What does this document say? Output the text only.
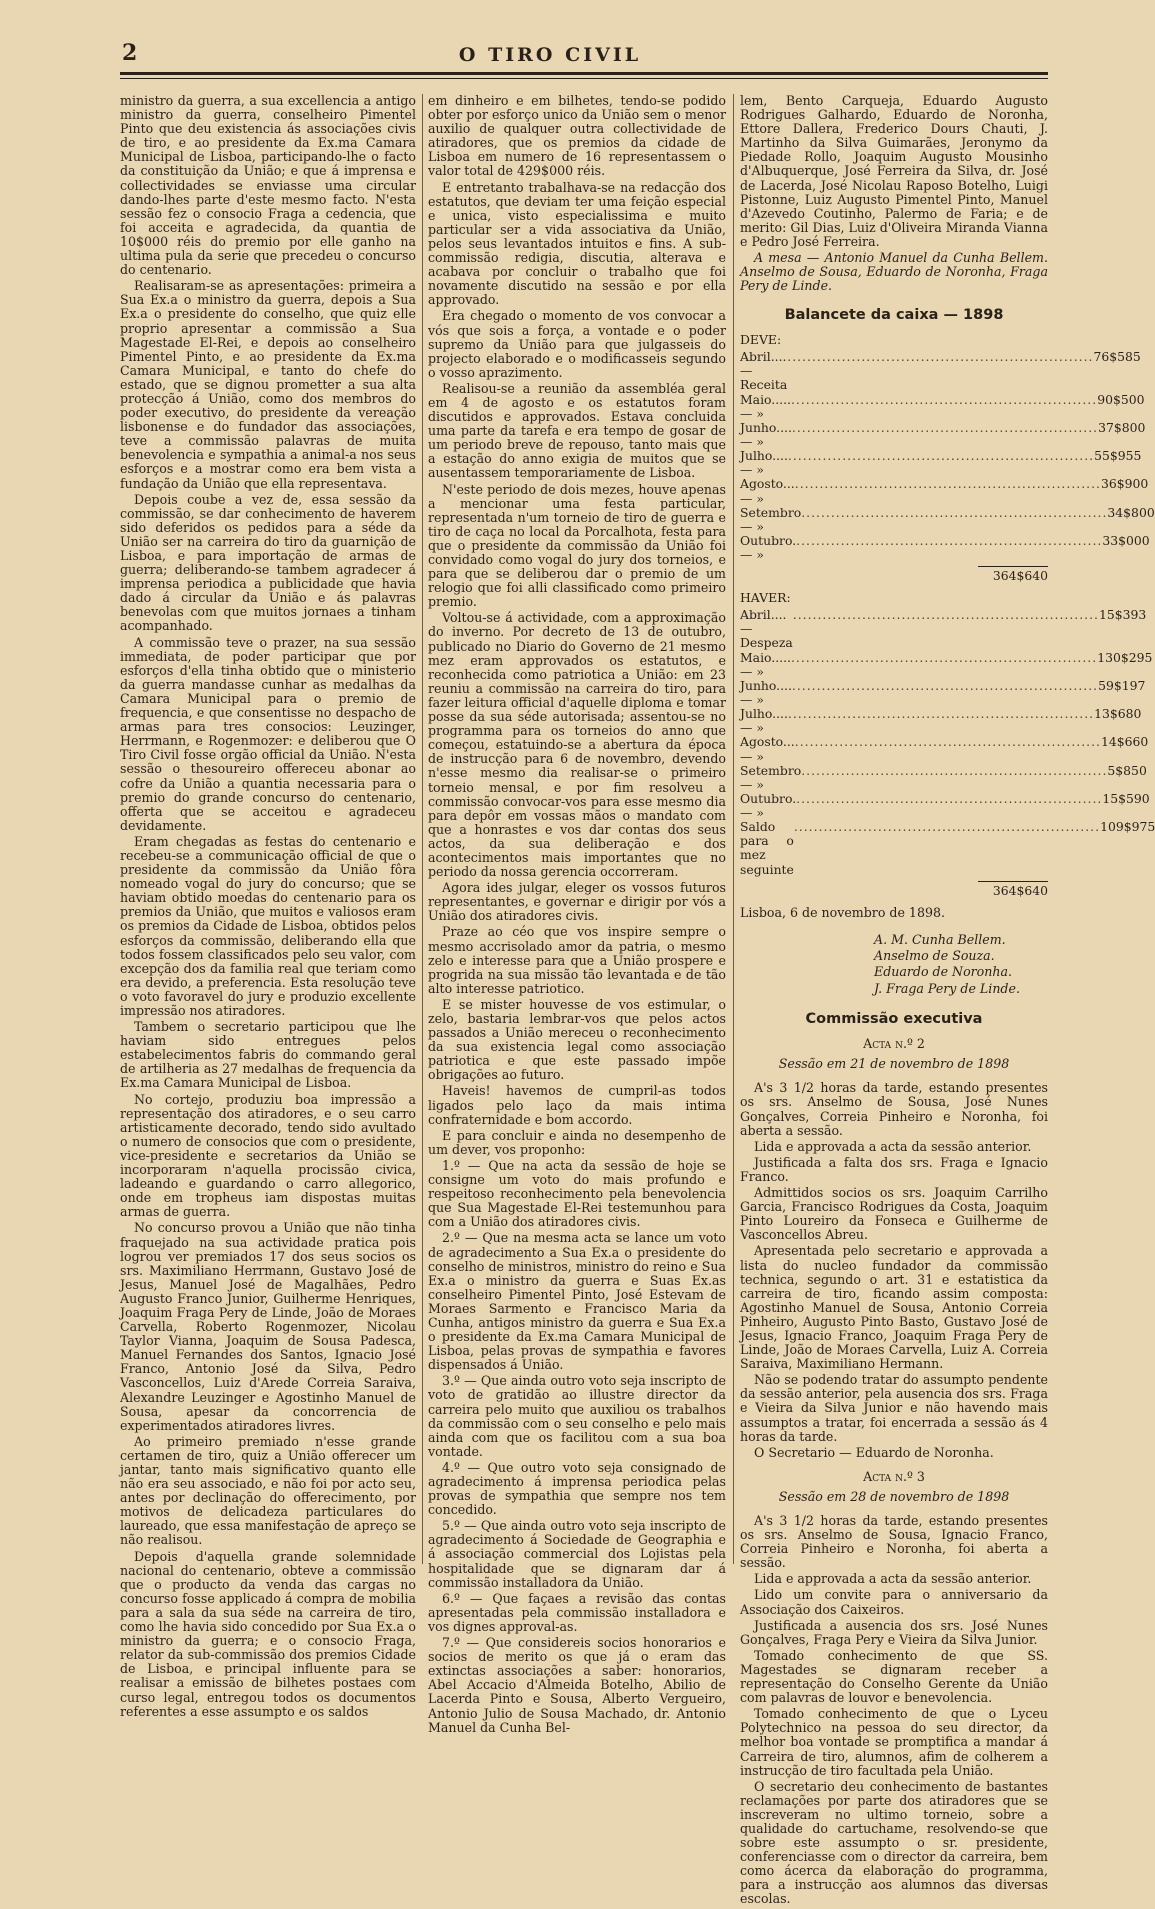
2	O TIRO CIVIL

ministro da guerra, a sua excellencia a antigo ministro da guerra, conselheiro Pimentel Pinto que deu existencia ás associações civis de tiro, e ao presidente da Ex.ma Camara Municipal de Lisboa, participando-lhe o facto da constituição da União; e que á imprensa e collectividades se enviasse uma circular dando-lhes parte d'este mesmo facto. N'esta sessão fez o consocio Fraga a cedencia, que foi acceita e agradecida, da quantia de 10$000 réis do premio por elle ganho na ultima pula da serie que precedeu o concurso do centenario.

Realisaram-se as apresentações: primeira a Sua Ex.a o ministro da guerra, depois a Sua Ex.a o presidente do conselho, que quiz elle proprio apresentar a commissão a Sua Magestade El-Rei, e depois ao conselheiro Pimentel Pinto, e ao presidente da Ex.ma Camara Municipal, e tanto do chefe do estado, que se dignou prometter a sua alta protecção á União, como dos membros do poder executivo, do presidente da vereação lisbonense e do fundador das associações, teve a commissão palavras de muita benevolencia e sympathia a animal-a nos seus esforços e a mostrar como era bem vista a fundação da União que ella representava.

Depois coube a vez de, essa sessão da commissão, se dar conhecimento de haverem sido deferidos os pedidos para a séde da União ser na carreira do tiro da guarnição de Lisboa, e para importação de armas de guerra; deliberando-se tambem agradecer á imprensa periodica a publicidade que havia dado á circular da União e ás palavras benevolas com que muitos jornaes a tinham acompanhado.

A commissão teve o prazer, na sua sessão immediata, de poder participar que por esforços d'ella tinha obtido que o ministerio da guerra mandasse cunhar as medalhas da Camara Municipal para o premio de frequencia, e que consentisse no despacho de armas para tres consocios: Leuzinger, Herrmann, e Rogenmozer: e deliberou que O Tiro Civil fosse orgão official da União. N'esta sessão o thesoureiro offereceu abonar ao cofre da União a quantia necessaria para o premio do grande concurso do centenario, offerta que se acceitou e agradeceu devidamente.

Eram chegadas as festas do centenario e recebeu-se a communicação official de que o presidente da commissão da União fôra nomeado vogal do jury do concurso; que se haviam obtido moedas do centenario para os premios da União, que muitos e valiosos eram os premios da Cidade de Lisboa, obtidos pelos esforços da commissão, deliberando ella que todos fossem classificados pelo seu valor, com excepção dos da familia real que teriam como era devido, a preferencia. Esta resolução teve o voto favoravel do jury e produzio excellente impressão nos atiradores.

Tambem o secretario participou que lhe haviam sido entregues pelos estabelecimentos fabris do commando geral de artilheria as 27 medalhas de frequencia da Ex.ma Camara Municipal de Lisboa.

No cortejo, produziu boa impressão a representação dos atiradores, e o seu carro artisticamente decorado, tendo sido avultado o numero de consocios que com o presidente, vice-presidente e secretarios da União se incorporaram n'aquella procissão civica, ladeando e guardando o carro allegorico, onde em tropheus iam dispostas muitas armas de guerra.

No concurso provou a União que não tinha fraquejado na sua actividade pratica pois logrou ver premiados 17 dos seus socios os srs. Maximiliano Herrmann, Gustavo José de Jesus, Manuel José de Magalhães, Pedro Augusto Franco Junior, Guilherme Henriques, Joaquim Fraga Pery de Linde, João de Moraes Carvella, Roberto Rogenmozer, Nicolau Taylor Vianna, Joaquim de Sousa Padesca, Manuel Fernandes dos Santos, Ignacio José Franco, Antonio José da Silva, Pedro Vasconcellos, Luiz d'Arede Correia Saraiva, Alexandre Leuzinger e Agostinho Manuel de Sousa, apesar da concorrencia de experimentados atiradores livres.

Ao primeiro premiado n'esse grande certamen de tiro, quiz a União offerecer um jantar, tanto mais significativo quanto elle não era seu associado, e não foi por acto seu, antes por declinação do offerecimento, por motivos de delicadeza particulares do laureado, que essa manifestação de apreço se não realisou.

Depois d'aquella grande solemnidade nacional do centenario, obteve a commissão que o producto da venda das cargas no concurso fosse applicado á compra de mobilia para a sala da sua séde na carreira de tiro, como lhe havia sido concedido por Sua Ex.a o ministro da guerra; e o consocio Fraga, relator da sub-commissão dos premios Cidade de Lisboa, e principal influente para se realisar a emissão de bilhetes postaes com curso legal, entregou todos os documentos referentes a esse assumpto e os saldos

em dinheiro e em bilhetes, tendo-se podido obter por esforço unico da União sem o menor auxilio de qualquer outra collectividade de atiradores, que os premios da cidade de Lisboa em numero de 16 representassem o valor total de 429$000 réis.

E entretanto trabalhava-se na redacção dos estatutos, que deviam ter uma feição especial e unica, visto especialissima e muito particular ser a vida associativa da União, pelos seus levantados intuitos e fins. A sub-commissão redigia, discutia, alterava e acabava por concluir o trabalho que foi novamente discutido na sessão e por ella approvado.

Era chegado o momento de vos convocar a vós que sois a força, a vontade e o poder supremo da União para que julgasseis do projecto elaborado e o modificasseis segundo o vosso aprazimento.

Realisou-se a reunião da assembléa geral em 4 de agosto e os estatutos foram discutidos e approvados. Estava concluida uma parte da tarefa e era tempo de gosar de um periodo breve de repouso, tanto mais que a estação do anno exigia de muitos que se ausentassem temporariamente de Lisboa.

N'este periodo de dois mezes, houve apenas a mencionar uma festa particular, representada n'um torneio de tiro de guerra e tiro de caça no local da Porcalhota, festa para que o presidente da commissão da União foi convidado como vogal do jury dos torneios, e para que se deliberou dar o premio de um relogio que foi alli classificado como primeiro premio.

Voltou-se á actividade, com a approximação do inverno. Por decreto de 13 de outubro, publicado no Diario do Governo de 21 mesmo mez eram approvados os estatutos, e reconhecida como patriotica a União: em 23 reuniu a commissão na carreira do tiro, para fazer leitura official d'aquelle diploma e tomar posse da sua séde autorisada; assentou-se no programma para os torneios do anno que começou, estatuindo-se a abertura da época de instrucção para 6 de novembro, devendo n'esse mesmo dia realisar-se o primeiro torneio mensal, e por fim resolveu a commissão convocar-vos para esse mesmo dia para depôr em vossas mãos o mandato com que a honrastes e vos dar contas dos seus actos, da sua deliberação e dos acontecimentos mais importantes que no periodo da nossa gerencia occorreram.

Agora ides julgar, eleger os vossos futuros representantes, e governar e dirigir por vós a União dos atiradores civis.

Praze ao céo que vos inspire sempre o mesmo accrisolado amor da patria, o mesmo zelo e interesse para que a União prospere e progrida na sua missão tão levantada e de tão alto interesse patriotico.

E se mister houvesse de vos estimular, o zelo, bastaria lembrar-vos que pelos actos passados a União mereceu o reconhecimento da sua existencia legal como associação patriotica e que este passado impõe obrigações ao futuro.

Haveis! havemos de cumpril-as todos ligados pelo laço da mais intima confraternidade e bom accordo.

E para concluir e ainda no desempenho de um dever, vos proponho:

1.º — Que na acta da sessão de hoje se consigne um voto do mais profundo e respeitoso reconhecimento pela benevolencia que Sua Magestade El-Rei testemunhou para com a União dos atiradores civis.

2.º — Que na mesma acta se lance um voto de agradecimento a Sua Ex.a o presidente do conselho de ministros, ministro do reino e Sua Ex.a o ministro da guerra e Suas Ex.as conselheiro Pimentel Pinto, José Estevam de Moraes Sarmento e Francisco Maria da Cunha, antigos ministro da guerra e Sua Ex.a o presidente da Ex.ma Camara Municipal de Lisboa, pelas provas de sympathia e favores dispensados á União.

3.º — Que ainda outro voto seja inscripto de voto de gratidão ao illustre director da carreira pelo muito que auxiliou os trabalhos da commissão com o seu conselho e pelo mais ainda com que os facilitou com a sua boa vontade.

4.º — Que outro voto seja consignado de agradecimento á imprensa periodica pelas provas de sympathia que sempre nos tem concedido.

5.º — Que ainda outro voto seja inscripto de agradecimento á Sociedade de Geographia e á associação commercial dos Lojistas pela hospitalidade que se dignaram dar á commissão installadora da União.

6.º — Que façaes a revisão das contas apresentadas pela commissão installadora e vos dignes approval-as.

7.º — Que considereis socios honorarios e socios de merito os que já o eram das extinctas associações a saber: honorarios, Abel Accacio d'Almeida Botelho, Abilio de Lacerda Pinto e Sousa, Alberto Vergueiro, Antonio Julio de Sousa Machado, dr. Antonio Manuel da Cunha Bel-

lem, Bento Carqueja, Eduardo Augusto Rodrigues Galhardo, Eduardo de Noronha, Ettore Dallera, Frederico Dours Chauti, J. Martinho da Silva Guimarães, Jeronymo da Piedade Rollo, Joaquim Augusto Mousinho d'Albuquerque, José Ferreira da Silva, dr. José de Lacerda, José Nicolau Raposo Botelho, Luigi Pistonne, Luiz Augusto Pimentel Pinto, Manuel d'Azevedo Coutinho, Palermo de Faria; e de merito: Gil Dias, Luiz d'Oliveira Miranda Vianna e Pedro José Ferreira.

A mesa — Antonio Manuel da Cunha Bellem. Anselmo de Sousa, Eduardo de Noronha, Fraga Pery de Linde.

Balancete da caixa — 1898
DEVE:
Abril.... — Receita
.............................................................. 76$585
Maio..... — »
.............................................................. 90$500
Junho.... — »
.............................................................. 37$800
Julho.... — »
.............................................................. 55$955
Agosto... — »
.............................................................. 36$900
Setembro — »
.............................................................. 34$800
Outubro. — »
.............................................................. 33$000
364$640
HAVER:
Abril.... — Despeza
.............................................................. 15$393
Maio..... — »
.............................................................. 130$295
Junho.... — »
.............................................................. 59$197
Julho.... — »
.............................................................. 13$680
Agosto... — »
.............................................................. 14$660
Setembro — »
.............................................................. 5$850
Outubro. — »
.............................................................. 15$590
Saldo para o mez seguinte
.............................................................. 109$975
364$640
Lisboa, 6 de novembro de 1898.
A. M. Cunha Bellem.
Anselmo de Souza.
Eduardo de Noronha.
J. Fraga Pery de Linde.
Commissão executiva
Acta n.º 2
Sessão em 21 de novembro de 1898

A's 3 1/2 horas da tarde, estando presentes os srs. Anselmo de Sousa, José Nunes Gonçalves, Correia Pinheiro e Noronha, foi aberta a sessão.

Lida e approvada a acta da sessão anterior.

Justificada a falta dos srs. Fraga e Ignacio Franco.

Admittidos socios os srs. Joaquim Carrilho Garcia, Francisco Rodrigues da Costa, Joaquim Pinto Loureiro da Fonseca e Guilherme de Vasconcellos Abreu.

Apresentada pelo secretario e approvada a lista do nucleo fundador da commissão technica, segundo o art. 31 e estatistica da carreira de tiro, ficando assim composta: Agostinho Manuel de Sousa, Antonio Correia Pinheiro, Augusto Pinto Basto, Gustavo José de Jesus, Ignacio Franco, Joaquim Fraga Pery de Linde, João de Moraes Carvella, Luiz A. Correia Saraiva, Maximiliano Hermann.

Não se podendo tratar do assumpto pendente da sessão anterior, pela ausencia dos srs. Fraga e Vieira da Silva Junior e não havendo mais assumptos a tratar, foi encerrada a sessão ás 4 horas da tarde.

O Secretario — Eduardo de Noronha.

Acta n.º 3
Sessão em 28 de novembro de 1898

A's 3 1/2 horas da tarde, estando presentes os srs. Anselmo de Sousa, Ignacio Franco, Correia Pinheiro e Noronha, foi aberta a sessão.

Lida e approvada a acta da sessão anterior.

Lido um convite para o anniversario da Associação dos Caixeiros.

Justificada a ausencia dos srs. José Nunes Gonçalves, Fraga Pery e Vieira da Silva Junior.

Tomado conhecimento de que SS. Magestades se dignaram receber a representação do Conselho Gerente da União com palavras de louvor e benevolencia.

Tomado conhecimento de que o Lyceu Polytechnico na pessoa do seu director, da melhor boa vontade se promptifica a mandar á Carreira de tiro, alumnos, afim de colherem a instrucção de tiro facultada pela União.

O secretario deu conhecimento de bastantes reclamações por parte dos atiradores que se inscreveram no ultimo torneio, sobre a qualidade do cartuchame, resolvendo-se que sobre este assumpto o sr. presidente, conferenciasse com o director da carreira, bem como ácerca da elaboração do programma, para a instrucção aos alumnos das diversas escolas.
